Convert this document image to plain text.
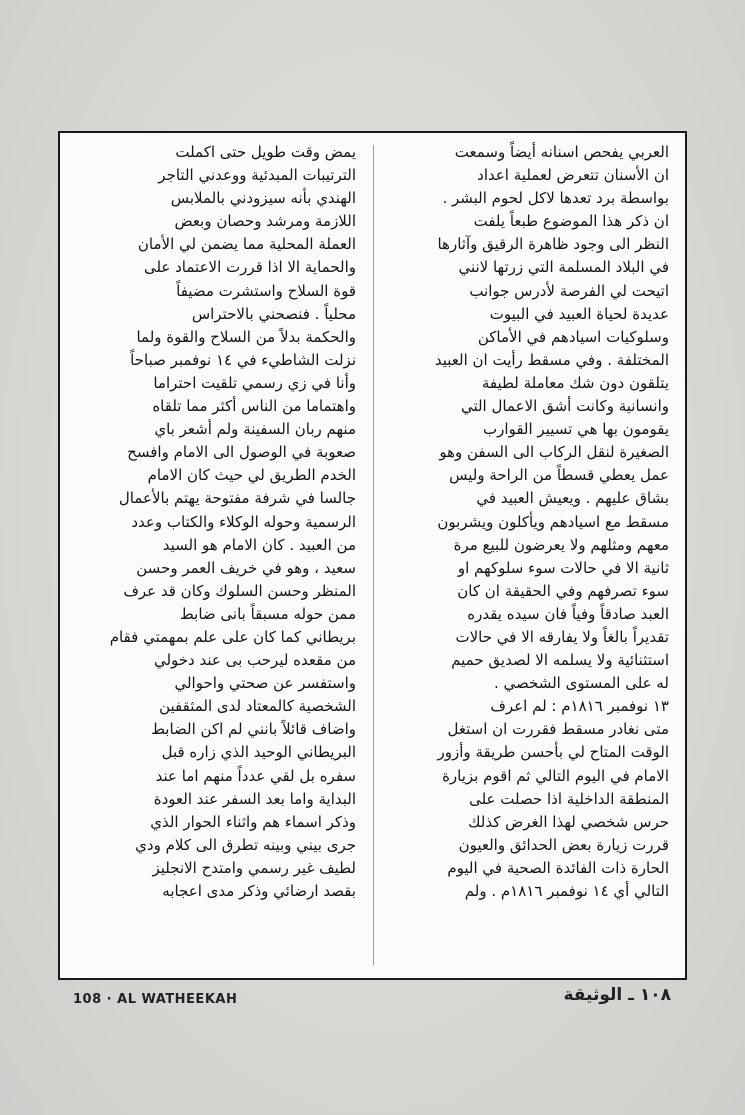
العربي يفحص اسنانه أيضاً وسمعت

ان الأسنان تتعرض لعملية اعداد

بواسطة برد تعدها لاكل لحوم البشر .

ان ذكر هذا الموضوع طبعاً يلفت

النظر الى وجود ظاهرة الرقيق وآثارها

في البلاد المسلمة التي زرتها لانني

اتيحت لي الفرصة لأدرس جوانب

عديدة لحياة العبيد في البيوت

وسلوكيات اسيادهم في الأماكن

المختلفة . وفي مسقط رأيت ان العبيد

يتلقون دون شك معاملة لطيفة

وانسانية وكانت أشق الاعمال التي

يقومون بها هي تسيير القوارب

الصغيرة لنقل الركاب الى السفن وهو

عمل يعطي قسطاً من الراحة وليس

بشاق عليهم . ويعيش العبيد في

مسقط مع اسيادهم ويأكلون ويشربون

معهم ومثلهم ولا يعرضون للبيع مرة

ثانية الا في حالات سوء سلوكهم او

سوء تصرفهم وفي الحقيقة ان كان

العبد صادقاً وفياً فان سيده يقدره

تقديراً بالغاً ولا يفارقه الا في حالات

استثنائية ولا يسلمه الا لصديق حميم

له على المستوى الشخصي .

١٣ نوفمبر ١٨١٦م : لم اعرف

متى نغادر مسقط فقررت ان استغل

الوقت المتاح لي بأحسن طريقة وأزور

الامام في اليوم التالي ثم اقوم بزيارة

المنطقة الداخلية اذا حصلت على

حرس شخصي لهذا الغرض كذلك

قررت زيارة بعض الحدائق والعيون

الحارة ذات الفائدة الصحية في اليوم

التالي أي ١٤ نوفمبر ١٨١٦م . ولم

يمض وقت طويل حتى اكملت

الترتيبات المبدئية ووعدني التاجر

الهندي بأنه سيزودني بالملابس

اللازمة ومرشد وحصان وبعض

العملة المحلية مما يضمن لي الأمان

والحماية الا اذا قررت الاعتماد على

قوة السلاح واستشرت مضيفاً

محلياً . فنصحني بالاحتراس

والحكمة بدلاً من السلاح والقوة ولما

نزلت الشاطيء في ١٤ نوفمبر صباحاً

وأنا في زي رسمي تلقيت احتراما

واهتماما من الناس أكثر مما تلقاه

منهم ربان السفينة ولم أشعر باي

صعوبة في الوصول الى الامام وافسح

الخدم الطريق لي حيث كان الامام

جالسا في شرفة مفتوحة يهتم بالأعمال

الرسمية وحوله الوكلاء والكتاب وعدد

من العبيد . كان الامام هو السيد

سعيد ، وهو في خريف العمر وحسن

المنظر وحسن السلوك وكان قد عرف

ممن حوله مسبقاً بانى ضابط

بريطاني كما كان على علم بمهمتي فقام

من مقعده ليرحب بى عند دخولي

واستفسر عن صحتي واحوالي

الشخصية كالمعتاد لدى المثقفين

واضاف قائلاً بانني لم اكن الضابط

البريطاني الوحيد الذي زاره قبل

سفره بل لقي عدداً منهم اما عند

البداية واما بعد السفر عند العودة

وذكر اسماء هم واثناء الحوار الذي

جرى بيني وبينه تطرق الى كلام ودي

لطيف غير رسمي وامتدح الانجليز

بقصد ارضائي وذكر مدى اعجابه

108 · AL WATHEEKAH	١٠٨ ـ الوثيقة
